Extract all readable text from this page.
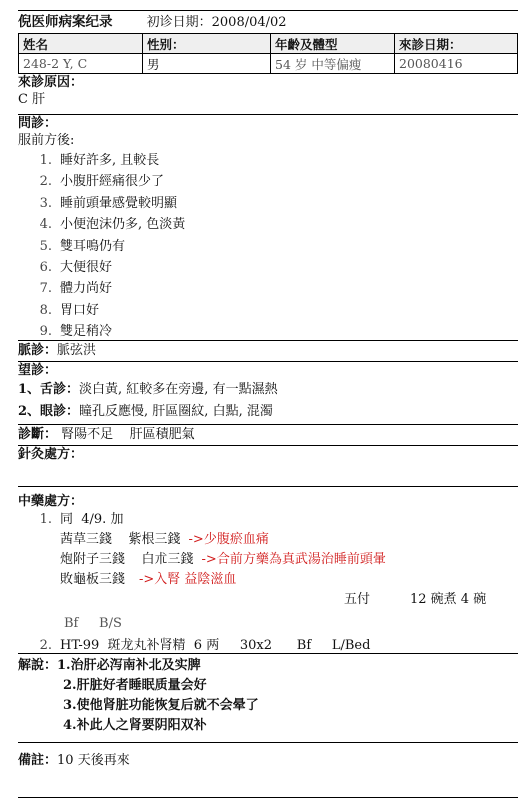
倪医师病案纪录	初诊日期：2008/04/02
姓名	性别：	年齡及體型	來診日期：
248-2 Y, C	男	54 岁 中等偏瘦	20080416
來診原因：
C 肝
問診：
服前方後:
1. 睡好許多, 且較長
2. 小腹肝經痛很少了
3. 睡前頭暈感覺較明顯
4. 小便泡沫仍多, 色淡黃
5. 雙耳鳴仍有
6. 大便很好
7. 體力尚好
8. 胃口好
9. 雙足稍冷
脈診：脈弦洪
望診：
1、舌診：淡白黃, 紅較多在旁邊, 有一點濕熱
2、眼診：瞳孔反應慢, 肝區圈紋, 白點, 混濁
診斷： 腎陽不足    肝區積肥氣
針灸處方：
中藥處方：
1. 同  4/9. 加
茜草三錢    紫根三錢 ->少腹瘀血痛
炮附子三錢    白朮三錢 ->合前方藥為真武湯治睡前頭暈
敗龜板三錢 ->入腎 益陰滋血
五付	12 碗煮 4 碗
Bf     B/S
2. HT-99  斑龙丸补肾精  6 两     30x2      Bf     L/Bed
解說：1.治肝必泻南补北及实脾
2.肝脏好者睡眠质量会好
3.使他肾脏功能恢复后就不会晕了
4.补此人之肾要阴阳双补
備註：10 天後再來
